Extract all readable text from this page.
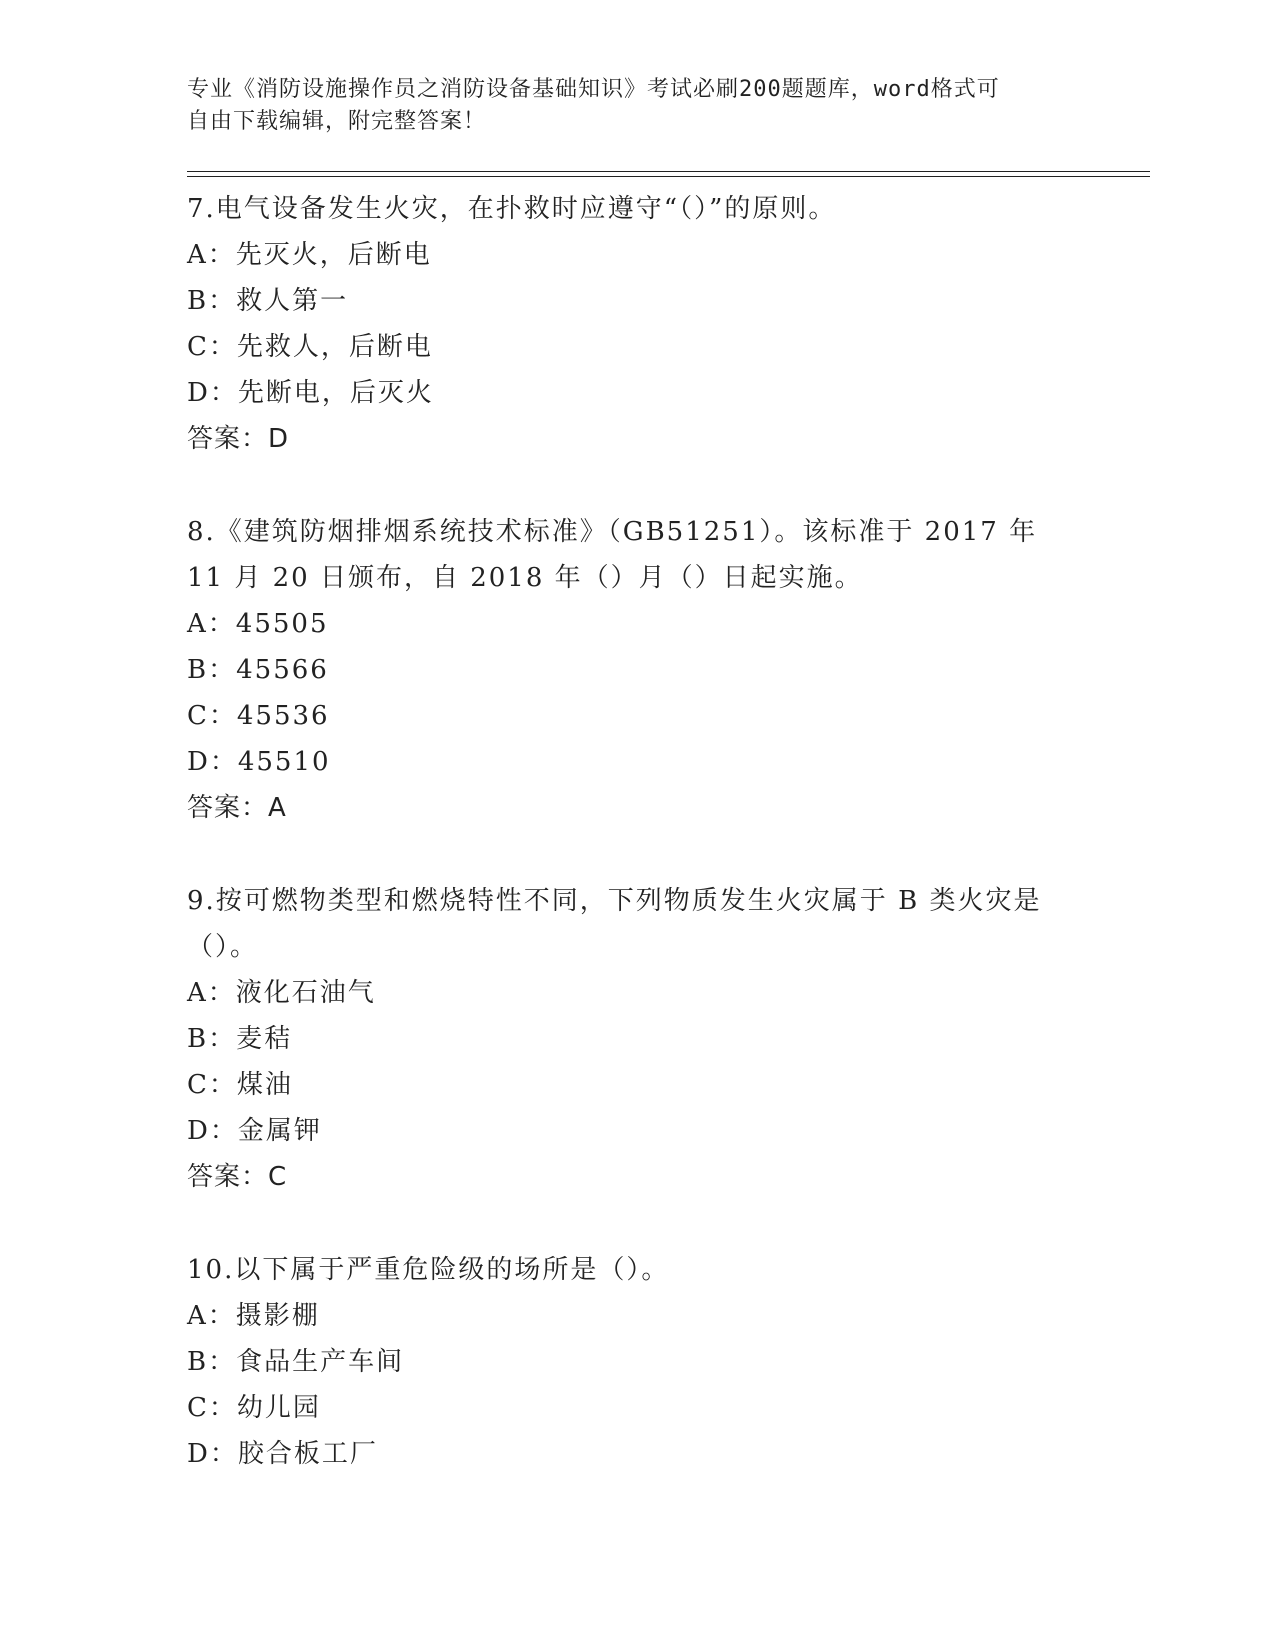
专业《消防设施操作员之消防设备基础知识》考试必刷200题题库，word格式可
自由下载编辑，附完整答案！
7.电气设备发生火灾，在扑救时应遵守“（）”的原则。
A：先灭火，后断电
B：救人第一
C：先救人，后断电
D：先断电，后灭火
答案：D
8.《建筑防烟排烟系统技术标准》（GB51251）。该标准于 2017 年 11 月 20 日颁布，自 2018 年（）月（）日起实施。
A：45505
B：45566
C：45536
D：45510
答案：A
9.按可燃物类型和燃烧特性不同，下列物质发生火灾属于 B 类火灾是（）。
A：液化石油气
B：麦秸
C：煤油
D：金属钾
答案：C
10.以下属于严重危险级的场所是（）。
A：摄影棚
B：食品生产车间
C：幼儿园
D：胶合板工厂
